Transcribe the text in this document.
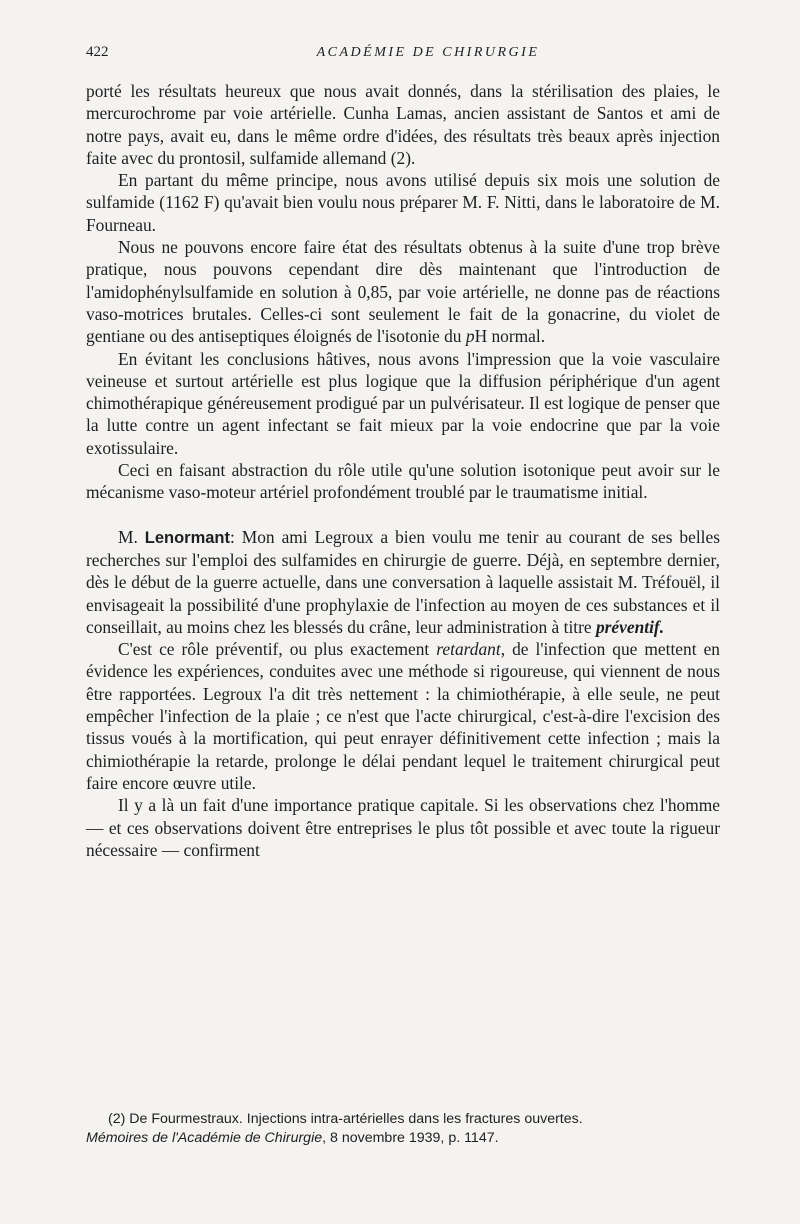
422	ACADÉMIE DE CHIRURGIE

porté les résultats heureux que nous avait donnés, dans la stérilisation des plaies, le mercurochrome par voie artérielle. Cunha Lamas, ancien assistant de Santos et ami de notre pays, avait eu, dans le même ordre d'idées, des résultats très beaux après injection faite avec du prontosil, sulfamide allemand (2).

En partant du même principe, nous avons utilisé depuis six mois une solution de sulfamide (1162 F) qu'avait bien voulu nous préparer M. F. Nitti, dans le laboratoire de M. Fourneau.

Nous ne pouvons encore faire état des résultats obtenus à la suite d'une trop brève pratique, nous pouvons cependant dire dès maintenant que l'introduction de l'amidophénylsulfamide en solution à 0,85, par voie artérielle, ne donne pas de réactions vaso-motrices brutales. Celles-ci sont seulement le fait de la gonacrine, du violet de gentiane ou des antiseptiques éloignés de l'isotonie du pH normal.

En évitant les conclusions hâtives, nous avons l'impression que la voie vasculaire veineuse et surtout artérielle est plus logique que la diffusion périphérique d'un agent chimothérapique généreusement prodigué par un pulvérisateur. Il est logique de penser que la lutte contre un agent infectant se fait mieux par la voie endocrine que par la voie exotissulaire.

Ceci en faisant abstraction du rôle utile qu'une solution isotonique peut avoir sur le mécanisme vaso-moteur artériel profondément troublé par le traumatisme initial.

M. Lenormant: Mon ami Legroux a bien voulu me tenir au courant de ses belles recherches sur l'emploi des sulfamides en chirurgie de guerre. Déjà, en septembre dernier, dès le début de la guerre actuelle, dans une conversation à laquelle assistait M. Tréfouël, il envisageait la possibilité d'une prophylaxie de l'infection au moyen de ces substances et il conseillait, au moins chez les blessés du crâne, leur administration à titre préventif.

C'est ce rôle préventif, ou plus exactement retardant, de l'infection que mettent en évidence les expériences, conduites avec une méthode si rigoureuse, qui viennent de nous être rapportées. Legroux l'a dit très nettement : la chimiothérapie, à elle seule, ne peut empêcher l'infection de la plaie ; ce n'est que l'acte chirurgical, c'est-à-dire l'excision des tissus voués à la mortification, qui peut enrayer définitivement cette infection ; mais la chimiothérapie la retarde, prolonge le délai pendant lequel le traitement chirurgical peut faire encore œuvre utile.

Il y a là un fait d'une importance pratique capitale. Si les observations chez l'homme — et ces observations doivent être entreprises le plus tôt possible et avec toute la rigueur nécessaire — confirment

(2) De Fourmestraux. Injections intra-artérielles dans les fractures ouvertes.
Mémoires de l'Académie de Chirurgie, 8 novembre 1939, p. 1147.
